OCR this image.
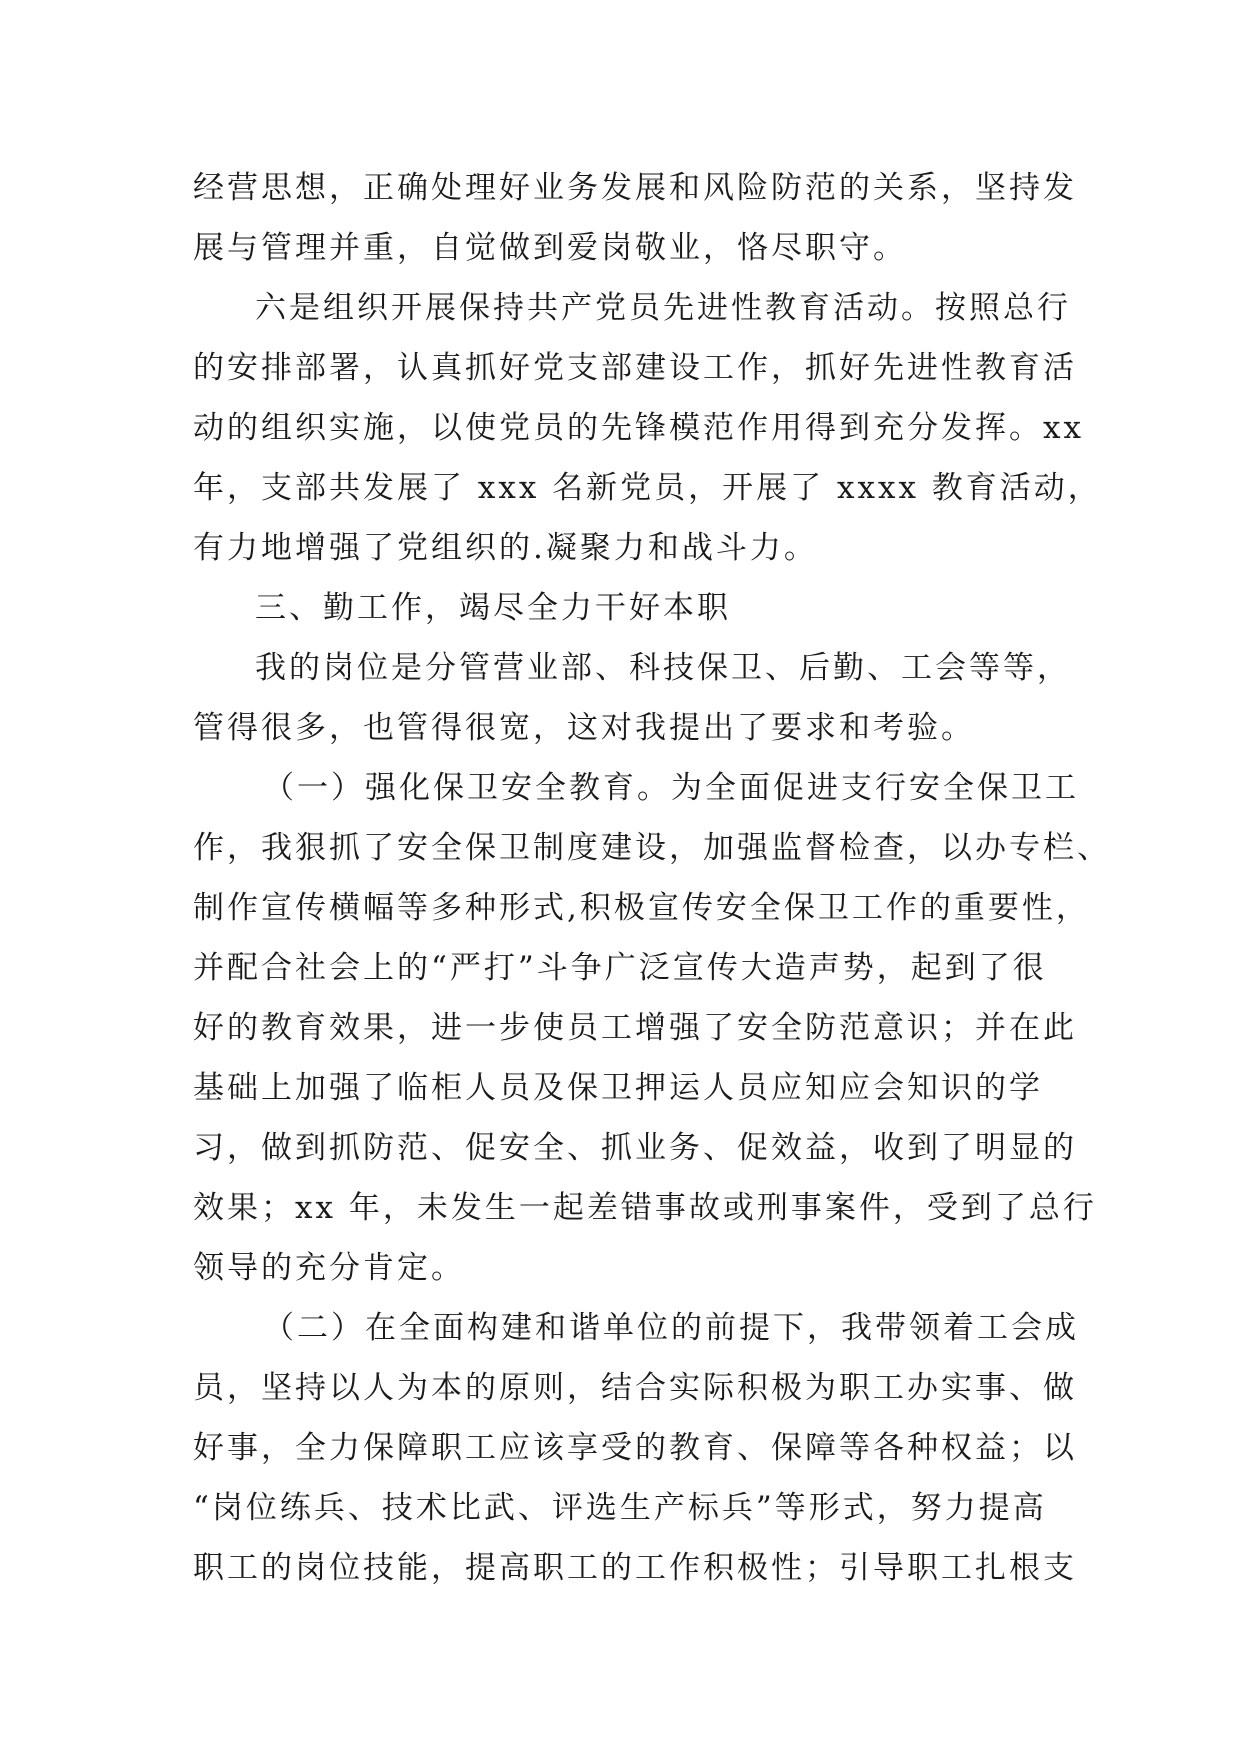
经营思想，正确处理好业务发展和风险防范的关系，坚持发
展与管理并重，自觉做到爱岗敬业，恪尽职守。
六是组织开展保持共产党员先进性教育活动。按照总行
的安排部署，认真抓好党支部建设工作，抓好先进性教育活
动的组织实施，以使党员的先锋模范作用得到充分发挥。xx
年，支部共发展了 xxx 名新党员，开展了 xxxx 教育活动，
有力地增强了党组织的.凝聚力和战斗力。
三、勤工作，竭尽全力干好本职
我的岗位是分管营业部、科技保卫、后勤、工会等等，
管得很多，也管得很宽，这对我提出了要求和考验。
（一）强化保卫安全教育。为全面促进支行安全保卫工
作，我狠抓了安全保卫制度建设，加强监督检查，以办专栏、
制作宣传横幅等多种形式,积极宣传安全保卫工作的重要性，
并配合社会上的“严打”斗争广泛宣传大造声势，起到了很
好的教育效果，进一步使员工增强了安全防范意识；并在此
基础上加强了临柜人员及保卫押运人员应知应会知识的学
习，做到抓防范、促安全、抓业务、促效益，收到了明显的
效果；xx 年，未发生一起差错事故或刑事案件，受到了总行
领导的充分肯定。
（二）在全面构建和谐单位的前提下，我带领着工会成
员，坚持以人为本的原则，结合实际积极为职工办实事、做
好事，全力保障职工应该享受的教育、保障等各种权益；以
“岗位练兵、技术比武、评选生产标兵”等形式，努力提高
职工的岗位技能，提高职工的工作积极性；引导职工扎根支
